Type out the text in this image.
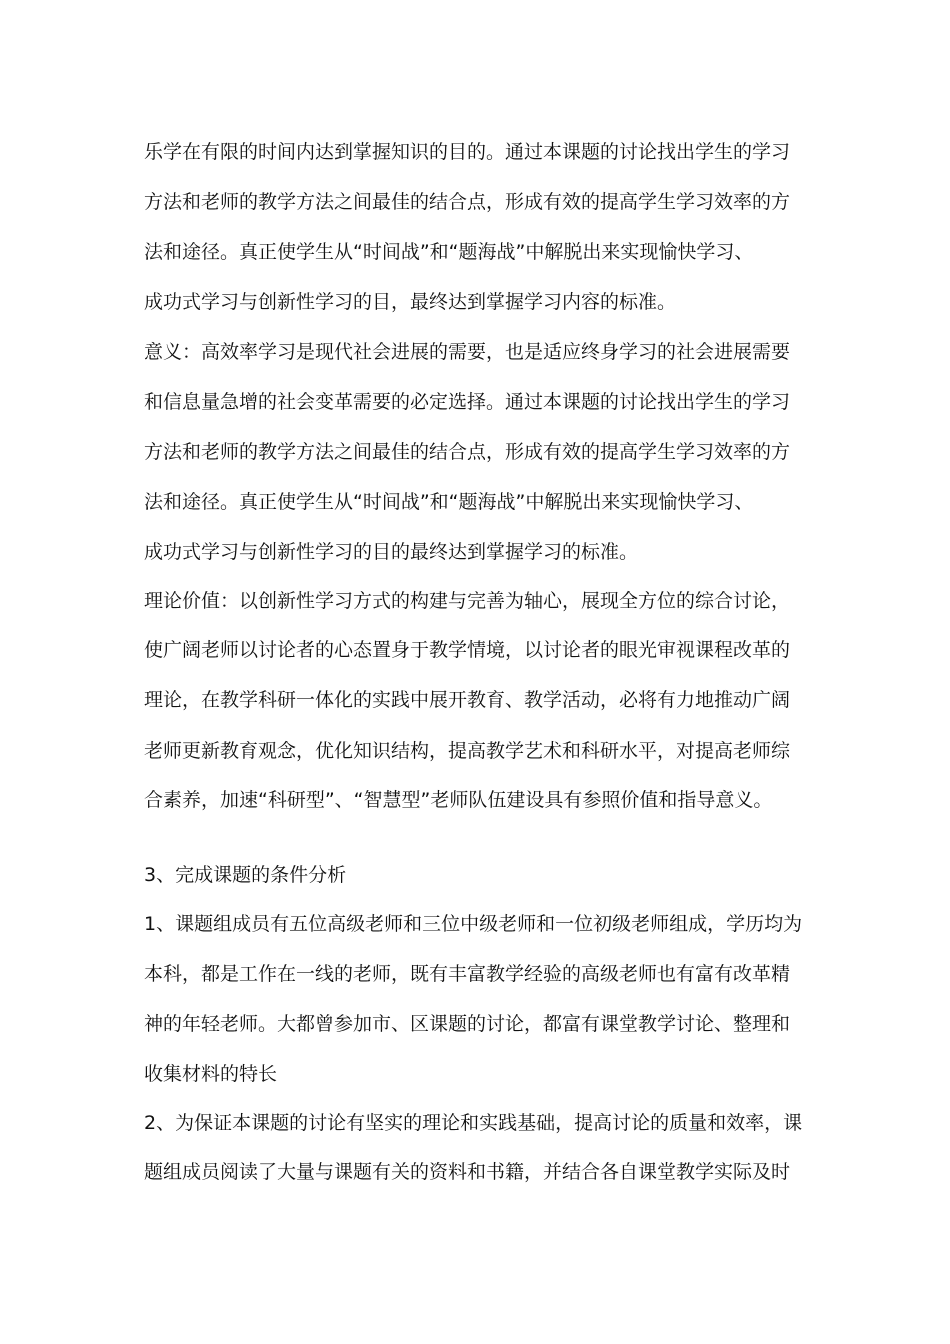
乐学在有限的时间内达到掌握知识的目的。通过本课题的讨论找出学生的学习
方法和老师的教学方法之间最佳的结合点，形成有效的提高学生学习效率的方
法和途径。真正使学生从“时间战”和“题海战”中解脱出来实现愉快学习、
成功式学习与创新性学习的目，最终达到掌握学习内容的标准。
意义：高效率学习是现代社会进展的需要，也是适应终身学习的社会进展需要
和信息量急增的社会变革需要的必定选择。通过本课题的讨论找出学生的学习
方法和老师的教学方法之间最佳的结合点，形成有效的提高学生学习效率的方
法和途径。真正使学生从“时间战”和“题海战”中解脱出来实现愉快学习、
成功式学习与创新性学习的目的最终达到掌握学习的标准。
理论价值：以创新性学习方式的构建与完善为轴心，展现全方位的综合讨论，
使广阔老师以讨论者的心态置身于教学情境，以讨论者的眼光审视课程改革的
理论，在教学科研一体化的实践中展开教育、教学活动，必将有力地推动广阔
老师更新教育观念，优化知识结构，提高教学艺术和科研水平，对提高老师综
合素养，加速“科研型”、“智慧型”老师队伍建设具有参照价值和指导意义。
3、完成课题的条件分析
1、课题组成员有五位高级老师和三位中级老师和一位初级老师组成，学历均为
本科，都是工作在一线的老师，既有丰富教学经验的高级老师也有富有改革精
神的年轻老师。大都曾参加市、区课题的讨论，都富有课堂教学讨论、整理和
收集材料的特长
2、为保证本课题的讨论有坚实的理论和实践基础，提高讨论的质量和效率，课
题组成员阅读了大量与课题有关的资料和书籍，并结合各自课堂教学实际及时
